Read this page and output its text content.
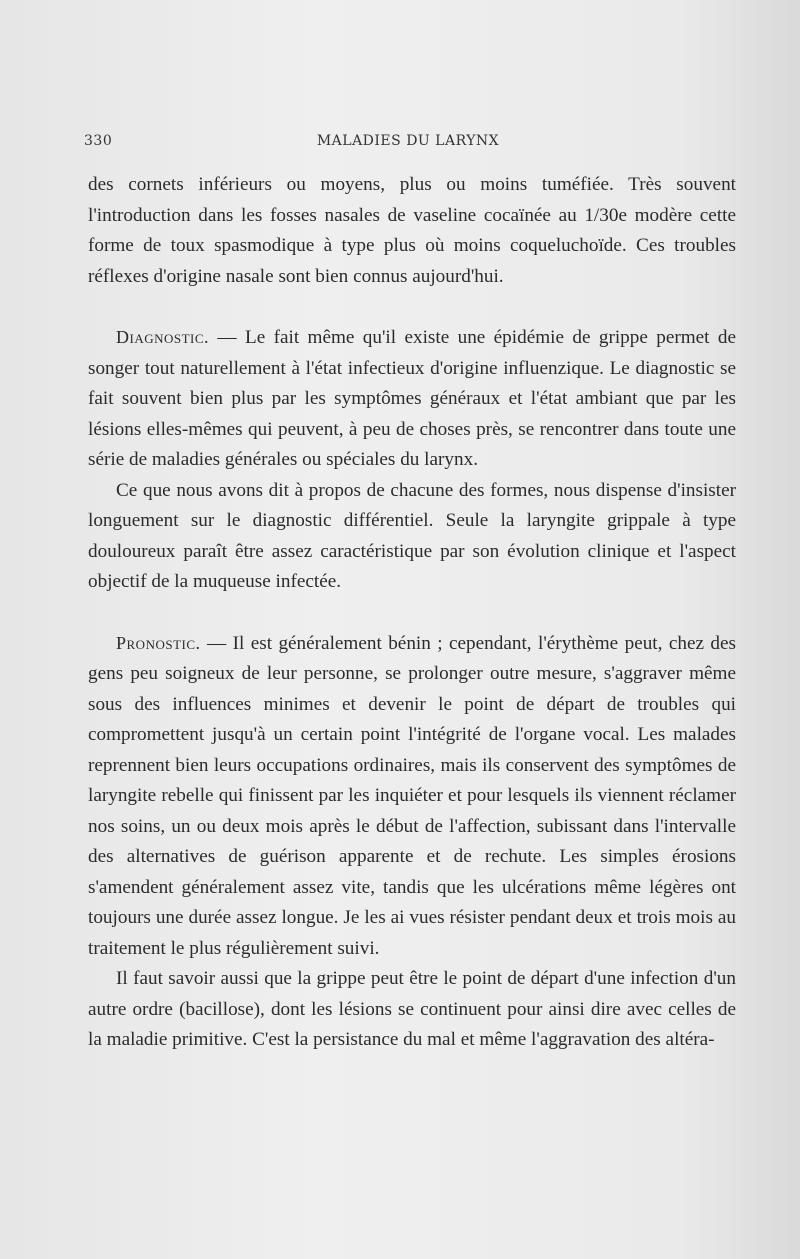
330	MALADIES DU LARYNX

des cornets inférieurs ou moyens, plus ou moins tuméfiée. Très souvent l'introduction dans les fosses nasales de vaseline cocaïnée au 1/30e modère cette forme de toux spasmodique à type plus où moins coqueluchoïde. Ces troubles réflexes d'origine nasale sont bien connus aujourd'hui.

Diagnostic. — Le fait même qu'il existe une épidémie de grippe permet de songer tout naturellement à l'état infectieux d'origine influenzique. Le diagnostic se fait souvent bien plus par les symptômes généraux et l'état ambiant que par les lésions elles-mêmes qui peuvent, à peu de choses près, se rencontrer dans toute une série de maladies générales ou spéciales du larynx.

Ce que nous avons dit à propos de chacune des formes, nous dispense d'insister longuement sur le diagnostic différentiel. Seule la laryngite grippale à type douloureux paraît être assez caractéristique par son évolution clinique et l'aspect objectif de la muqueuse infectée.

Pronostic. — Il est généralement bénin ; cependant, l'érythème peut, chez des gens peu soigneux de leur personne, se prolonger outre mesure, s'aggraver même sous des influences minimes et devenir le point de départ de troubles qui compromettent jusqu'à un certain point l'intégrité de l'organe vocal. Les malades reprennent bien leurs occupations ordinaires, mais ils conservent des symptômes de laryngite rebelle qui finissent par les inquiéter et pour lesquels ils viennent réclamer nos soins, un ou deux mois après le début de l'affection, subissant dans l'intervalle des alternatives de guérison apparente et de rechute. Les simples érosions s'amendent généralement assez vite, tandis que les ulcérations même légères ont toujours une durée assez longue. Je les ai vues résister pendant deux et trois mois au traitement le plus régulièrement suivi.

Il faut savoir aussi que la grippe peut être le point de départ d'une infection d'un autre ordre (bacillose), dont les lésions se continuent pour ainsi dire avec celles de la maladie primitive. C'est la persistance du mal et même l'aggravation des altéra-
